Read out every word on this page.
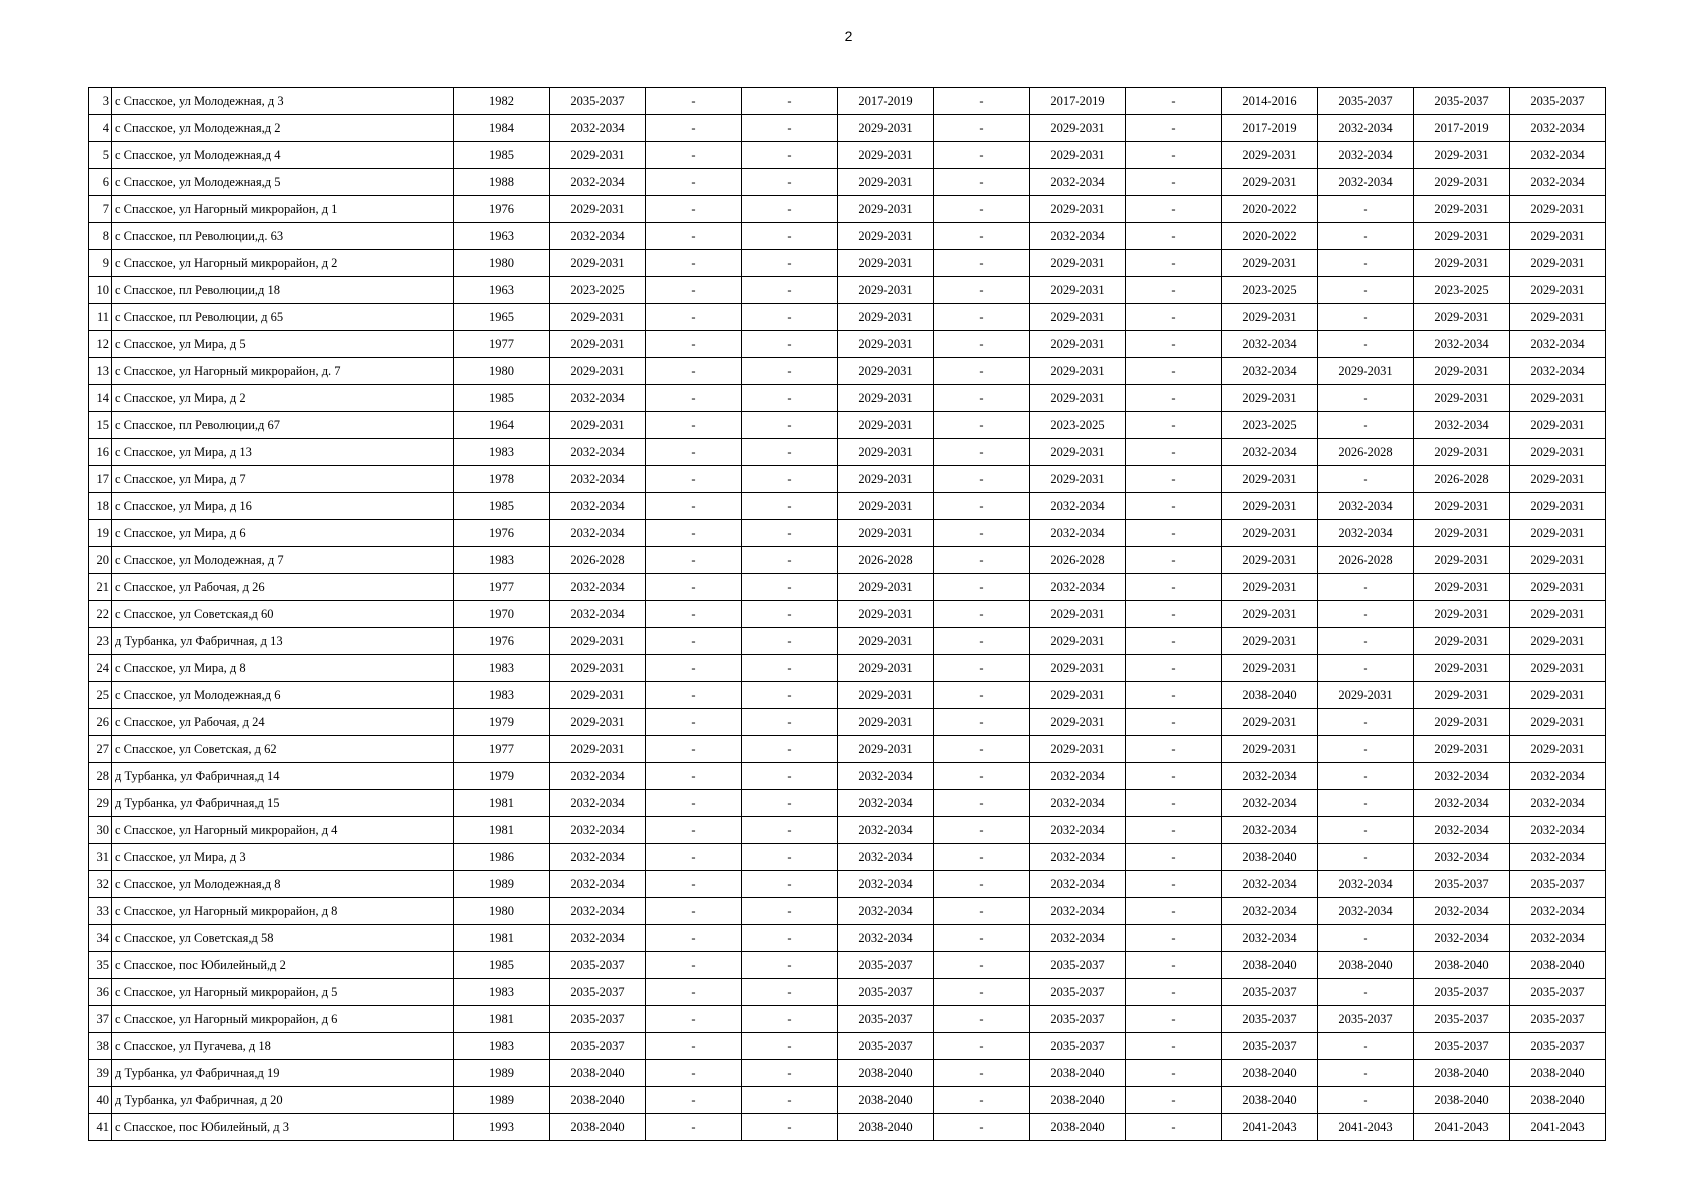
2
3	с Спасское, ул Молодежная, д 3	1982	2035-2037	-	-	2017-2019	-	2017-2019	-	2014-2016	2035-2037	2035-2037	2035-2037
4	с Спасское, ул Молодежная,д 2	1984	2032-2034	-	-	2029-2031	-	2029-2031	-	2017-2019	2032-2034	2017-2019	2032-2034
5	с Спасское, ул Молодежная,д 4	1985	2029-2031	-	-	2029-2031	-	2029-2031	-	2029-2031	2032-2034	2029-2031	2032-2034
6	с Спасское, ул Молодежная,д 5	1988	2032-2034	-	-	2029-2031	-	2032-2034	-	2029-2031	2032-2034	2029-2031	2032-2034
7	с Спасское, ул Нагорный микрорайон, д 1	1976	2029-2031	-	-	2029-2031	-	2029-2031	-	2020-2022	-	2029-2031	2029-2031
8	с Спасское, пл Революции,д. 63	1963	2032-2034	-	-	2029-2031	-	2032-2034	-	2020-2022	-	2029-2031	2029-2031
9	с Спасское, ул Нагорный микрорайон, д 2	1980	2029-2031	-	-	2029-2031	-	2029-2031	-	2029-2031	-	2029-2031	2029-2031
10	с Спасское, пл Революции,д 18	1963	2023-2025	-	-	2029-2031	-	2029-2031	-	2023-2025	-	2023-2025	2029-2031
11	с Спасское, пл Революции, д 65	1965	2029-2031	-	-	2029-2031	-	2029-2031	-	2029-2031	-	2029-2031	2029-2031
12	с Спасское, ул Мира, д 5	1977	2029-2031	-	-	2029-2031	-	2029-2031	-	2032-2034	-	2032-2034	2032-2034
13	с Спасское, ул Нагорный микрорайон, д. 7	1980	2029-2031	-	-	2029-2031	-	2029-2031	-	2032-2034	2029-2031	2029-2031	2032-2034
14	с Спасское, ул Мира, д 2	1985	2032-2034	-	-	2029-2031	-	2029-2031	-	2029-2031	-	2029-2031	2029-2031
15	с Спасское, пл Революции,д 67	1964	2029-2031	-	-	2029-2031	-	2023-2025	-	2023-2025	-	2032-2034	2029-2031
16	с Спасское, ул Мира, д 13	1983	2032-2034	-	-	2029-2031	-	2029-2031	-	2032-2034	2026-2028	2029-2031	2029-2031
17	с Спасское, ул Мира, д 7	1978	2032-2034	-	-	2029-2031	-	2029-2031	-	2029-2031	-	2026-2028	2029-2031
18	с Спасское, ул Мира, д 16	1985	2032-2034	-	-	2029-2031	-	2032-2034	-	2029-2031	2032-2034	2029-2031	2029-2031
19	с Спасское, ул Мира, д 6	1976	2032-2034	-	-	2029-2031	-	2032-2034	-	2029-2031	2032-2034	2029-2031	2029-2031
20	с Спасское, ул Молодежная, д 7	1983	2026-2028	-	-	2026-2028	-	2026-2028	-	2029-2031	2026-2028	2029-2031	2029-2031
21	с Спасское, ул Рабочая, д 26	1977	2032-2034	-	-	2029-2031	-	2032-2034	-	2029-2031	-	2029-2031	2029-2031
22	с Спасское, ул Советская,д 60	1970	2032-2034	-	-	2029-2031	-	2029-2031	-	2029-2031	-	2029-2031	2029-2031
23	д Турбанка, ул Фабричная, д 13	1976	2029-2031	-	-	2029-2031	-	2029-2031	-	2029-2031	-	2029-2031	2029-2031
24	с Спасское, ул Мира, д 8	1983	2029-2031	-	-	2029-2031	-	2029-2031	-	2029-2031	-	2029-2031	2029-2031
25	с Спасское, ул Молодежная,д 6	1983	2029-2031	-	-	2029-2031	-	2029-2031	-	2038-2040	2029-2031	2029-2031	2029-2031
26	с Спасское, ул Рабочая, д 24	1979	2029-2031	-	-	2029-2031	-	2029-2031	-	2029-2031	-	2029-2031	2029-2031
27	с Спасское, ул Советская, д 62	1977	2029-2031	-	-	2029-2031	-	2029-2031	-	2029-2031	-	2029-2031	2029-2031
28	д Турбанка, ул Фабричная,д 14	1979	2032-2034	-	-	2032-2034	-	2032-2034	-	2032-2034	-	2032-2034	2032-2034
29	д Турбанка, ул Фабричная,д 15	1981	2032-2034	-	-	2032-2034	-	2032-2034	-	2032-2034	-	2032-2034	2032-2034
30	с Спасское, ул Нагорный микрорайон, д 4	1981	2032-2034	-	-	2032-2034	-	2032-2034	-	2032-2034	-	2032-2034	2032-2034
31	с Спасское, ул Мира, д 3	1986	2032-2034	-	-	2032-2034	-	2032-2034	-	2038-2040	-	2032-2034	2032-2034
32	с Спасское, ул Молодежная,д 8	1989	2032-2034	-	-	2032-2034	-	2032-2034	-	2032-2034	2032-2034	2035-2037	2035-2037
33	с Спасское, ул Нагорный микрорайон, д 8	1980	2032-2034	-	-	2032-2034	-	2032-2034	-	2032-2034	2032-2034	2032-2034	2032-2034
34	с Спасское, ул Советская,д 58	1981	2032-2034	-	-	2032-2034	-	2032-2034	-	2032-2034	-	2032-2034	2032-2034
35	с Спасское, пос Юбилейный,д 2	1985	2035-2037	-	-	2035-2037	-	2035-2037	-	2038-2040	2038-2040	2038-2040	2038-2040
36	с Спасское, ул Нагорный микрорайон, д 5	1983	2035-2037	-	-	2035-2037	-	2035-2037	-	2035-2037	-	2035-2037	2035-2037
37	с Спасское, ул Нагорный микрорайон, д 6	1981	2035-2037	-	-	2035-2037	-	2035-2037	-	2035-2037	2035-2037	2035-2037	2035-2037
38	с Спасское, ул Пугачева, д 18	1983	2035-2037	-	-	2035-2037	-	2035-2037	-	2035-2037	-	2035-2037	2035-2037
39	д Турбанка, ул Фабричная,д 19	1989	2038-2040	-	-	2038-2040	-	2038-2040	-	2038-2040	-	2038-2040	2038-2040
40	д Турбанка, ул Фабричная, д 20	1989	2038-2040	-	-	2038-2040	-	2038-2040	-	2038-2040	-	2038-2040	2038-2040
41	с Спасское, пос Юбилейный, д 3	1993	2038-2040	-	-	2038-2040	-	2038-2040	-	2041-2043	2041-2043	2041-2043	2041-2043
